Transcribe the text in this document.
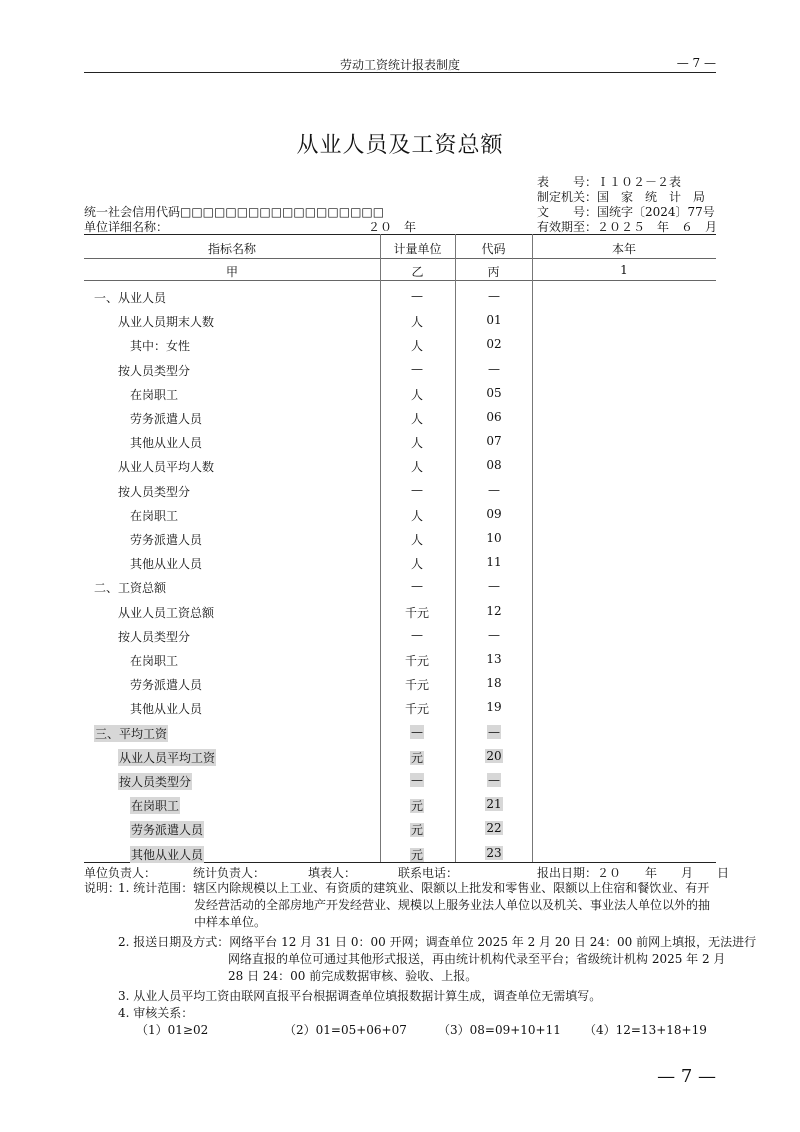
劳动工资统计报表制度	— 7 —
从业人员及工资总额
表　　号：Ｉ１０２－２表
制定机关：国　家　统　计　局
文　　号：国统字〔2024〕77号
有效期至：２０２５　年　６　月
统一社会信用代码□□□□□□□□□□□□□□□□□□
单位详细名称：	２０　年
指标名称	计量单位	代码	本年
甲	乙	丙	1
一、从业人员	—	—
从业人员期末人数	人	01
其中：女性	人	02
按人员类型分	—	—
在岗职工	人	05
劳务派遣人员	人	06
其他从业人员	人	07
从业人员平均人数	人	08
按人员类型分	—	—
在岗职工	人	09
劳务派遣人员	人	10
其他从业人员	人	11
二、工资总额	—	—
从业人员工资总额	千元	12
按人员类型分	—	—
在岗职工	千元	13
劳务派遣人员	千元	18
其他从业人员	千元	19
三、平均工资	—	—
从业人员平均工资	元	20
按人员类型分	—	—
在岗职工	元	21
劳务派遣人员	元	22
其他从业人员	元	23
单位负责人：	统计负责人：	填表人：	联系电话：	报出日期：２０　　年　　月　　日
说明：
1. 统计范围：辖区内除规模以上工业、有资质的建筑业、限额以上批发和零售业、限额以上住宿和餐饮业、有开
发经营活动的全部房地产开发经营业、规模以上服务业法人单位以及机关、事业法人单位以外的抽
中样本单位。
2. 报送日期及方式：网络平台 12 月 31 日 0：00 开网；调查单位 2025 年 2 月 20 日 24：00 前网上填报，无法进行
网络直报的单位可通过其他形式报送，再由统计机构代录至平台；省级统计机构 2025 年 2 月
28 日 24：00 前完成数据审核、验收、上报。
3. 从业人员平均工资由联网直报平台根据调查单位填报数据计算生成，调查单位无需填写。
4. 审核关系：
（1）01≥02	（2）01=05+06+07	（3）08=09+10+11 （4）12=13+18+19
— 7 —
